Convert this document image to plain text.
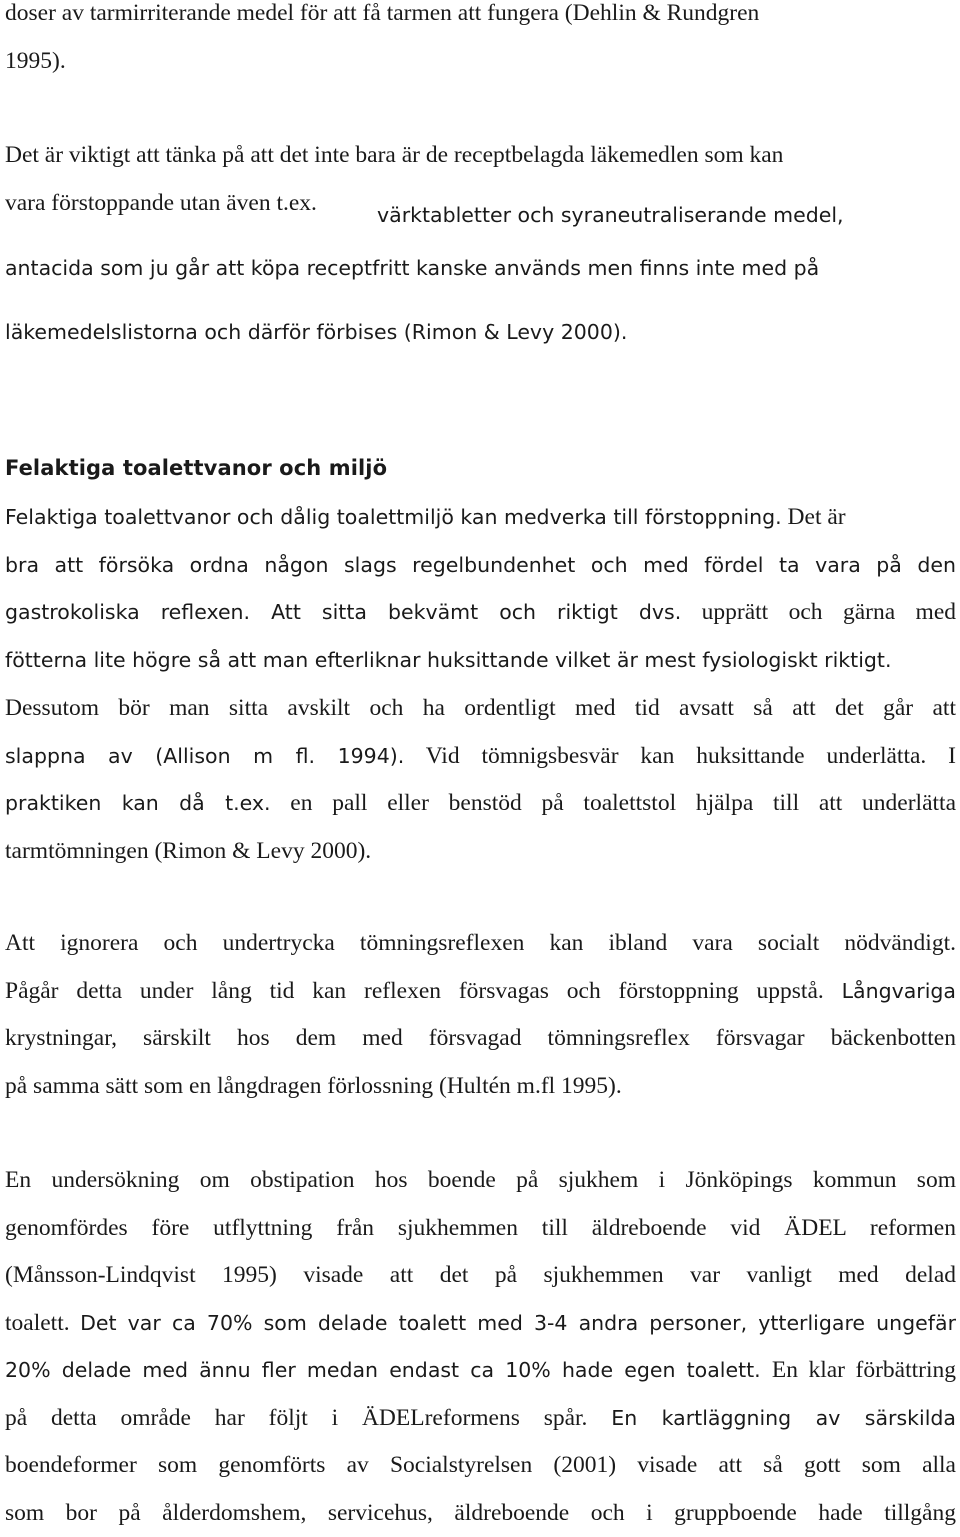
doser av tarmirriterande medel för att få tarmen att fungera (Dehlin & Rundgren
1995).
Det är viktigt att tänka på att det inte bara är de receptbelagda läkemedlen som kan
vara förstoppande utan även t.ex.	värktabletter och syraneutraliserande medel,
antacida som ju går att köpa receptfritt kanske används men finns inte med på
läkemedelslistorna och därför förbises (Rimon & Levy 2000).
Felaktiga toalettvanor och miljö
Felaktiga toalettvanor och dålig toalettmiljö kan medverka till förstoppning. Det är
bra att försöka ordna någon slags regelbundenhet och med fördel ta vara på den
gastrokoliska reflexen. Att sitta bekvämt och riktigt dvs. upprätt och gärna med
fötterna lite högre så att man efterliknar huksittande vilket är mest fysiologiskt riktigt.
Dessutom bör man sitta avskilt och ha ordentligt med tid avsatt så att det går att
slappna av (Allison m fl. 1994). Vid tömnigsbesvär kan huksittande underlätta. I
praktiken kan då t.ex. en pall eller benstöd på toalettstol hjälpa till att underlätta
tarmtömningen (Rimon & Levy 2000).
Att ignorera och undertrycka tömningsreflexen kan ibland vara socialt nödvändigt.
Pågår detta under lång tid kan reflexen försvagas och förstoppning uppstå. Långvariga
krystningar, särskilt hos dem med försvagad tömningsreflex försvagar bäckenbotten
på samma sätt som en långdragen förlossning (Hultén m.fl 1995).
En undersökning om obstipation hos boende på sjukhem i Jönköpings kommun som
genomfördes före utflyttning från sjukhemmen till äldreboende vid ÄDEL reformen
(Månsson-Lindqvist 1995) visade att det på sjukhemmen var vanligt med delad
toalett. Det var ca 70% som delade toalett med 3-4 andra personer, ytterligare ungefär
20% delade med ännu fler medan endast ca 10% hade egen toalett. En klar förbättring
på detta område har följt i ÄDELreformens spår. En kartläggning av särskilda
boendeformer som genomförts av Socialstyrelsen (2001) visade att så gott som alla
som bor på ålderdomshem, servicehus, äldreboende och i gruppboende hade tillgång
